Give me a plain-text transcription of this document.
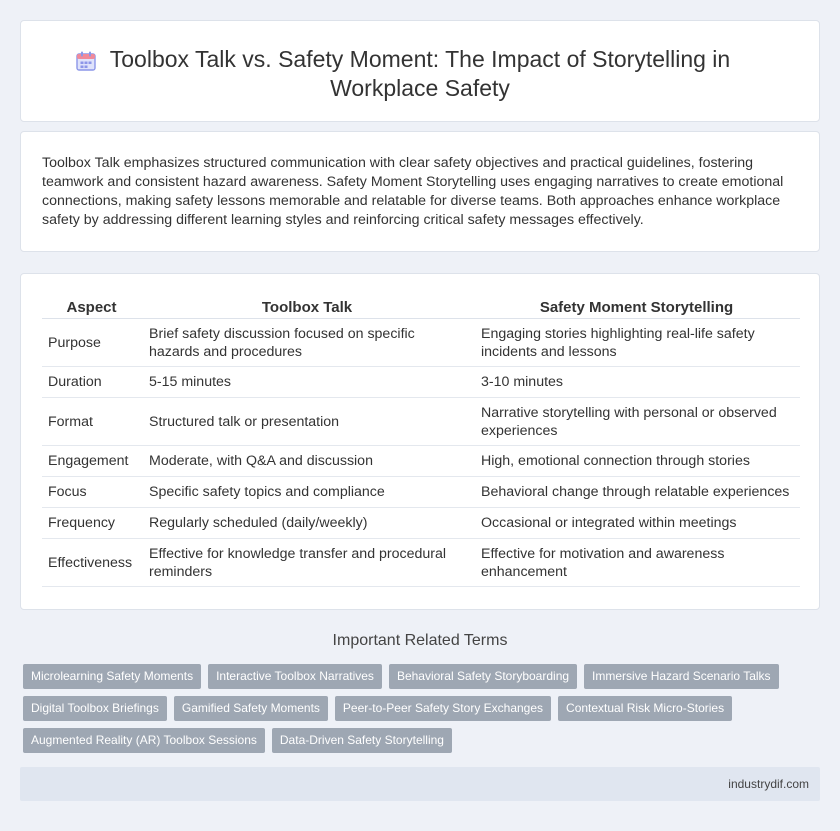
Toolbox Talk vs. Safety Moment: The Impact of Storytelling in Workplace Safety

Toolbox Talk emphasizes structured communication with clear safety objectives and practical guidelines, fostering teamwork and consistent hazard awareness. Safety Moment Storytelling uses engaging narratives to create emotional connections, making safety lessons memorable and relatable for diverse teams. Both approaches enhance workplace safety by addressing different learning styles and reinforcing critical safety messages effectively.

Aspect	Toolbox Talk	Safety Moment Storytelling
Purpose	Brief safety discussion focused on specific hazards and procedures	Engaging stories highlighting real-life safety incidents and lessons
Duration	5-15 minutes	3-10 minutes
Format	Structured talk or presentation	Narrative storytelling with personal or observed experiences
Engagement	Moderate, with Q&A and discussion	High, emotional connection through stories
Focus	Specific safety topics and compliance	Behavioral change through relatable experiences
Frequency	Regularly scheduled (daily/weekly)	Occasional or integrated within meetings
Effectiveness	Effective for knowledge transfer and procedural reminders	Effective for motivation and awareness enhancement
Important Related Terms
Microlearning Safety Moments Interactive Toolbox Narratives Behavioral Safety Storyboarding Immersive Hazard Scenario Talks
Digital Toolbox Briefings Gamified Safety Moments Peer-to-Peer Safety Story Exchanges Contextual Risk Micro-Stories
Augmented Reality (AR) Toolbox Sessions Data-Driven Safety Storytelling
industrydif.com
